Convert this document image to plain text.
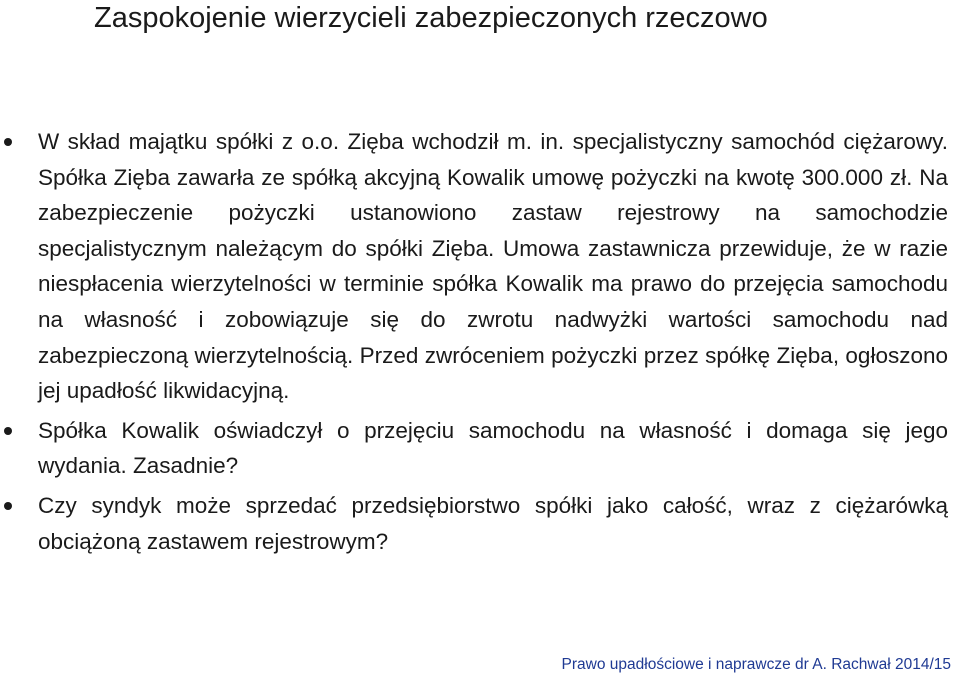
Zaspokojenie wierzycieli zabezpieczonych rzeczowo
W skład majątku spółki z o.o. Zięba wchodził m. in. specjalistyczny samochód ciężarowy. Spółka Zięba zawarła ze spółką akcyjną Kowalik umowę pożyczki na kwotę 300.000 zł. Na zabezpieczenie pożyczki ustanowiono zastaw rejestrowy na samochodzie specjalistycznym należącym do spółki Zięba. Umowa zastawnicza przewiduje, że w razie niespłacenia wierzytelności w terminie spółka Kowalik ma prawo do przejęcia samochodu na własność i zobowiązuje się do zwrotu nadwyżki wartości samochodu nad zabezpieczoną wierzytelnością. Przed zwróceniem pożyczki przez spółkę Zięba, ogłoszono jej upadłość likwidacyjną.
Spółka Kowalik oświadczył o przejęciu samochodu na własność i domaga się jego wydania. Zasadnie?
Czy syndyk może sprzedać przedsiębiorstwo spółki jako całość, wraz z ciężarówką obciążoną zastawem rejestrowym?
Prawo upadłościowe i naprawcze dr A. Rachwał 2014/15
